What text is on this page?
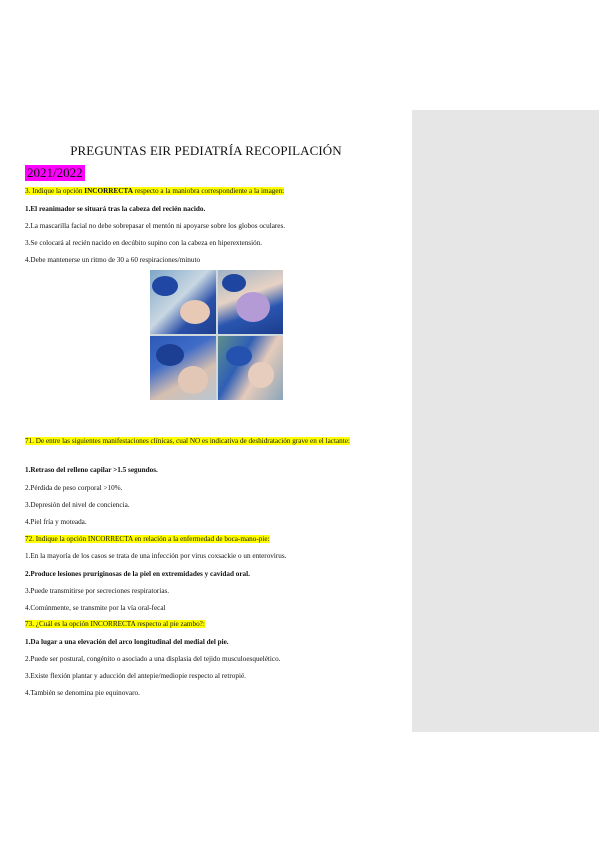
PREGUNTAS EIR PEDIATRÍA RECOPILACIÓN
2021/2022
3. Indique la opción INCORRECTA respecto a la maniobra correspondiente a la imagen:
1.El reanimador se situará tras la cabeza del recién nacido.
2.La mascarilla facial no debe sobrepasar el mentón ni apoyarse sobre los globos oculares.
3.Se colocará al recién nacido en decúbito supino con la cabeza en hiperextensión.
4.Debe mantenerse un ritmo de 30 a 60 respiraciones/minuto
71. De entre las siguientes manifestaciones clínicas, cual NO es indicativa de deshidratación grave en el lactante:
1.Retraso del relleno capilar >1.5 segundos.
2.Pérdida de peso corporal >10%.
3.Depresión del nivel de conciencia.
4.Piel fría y moteada.
72. Indique la opción INCORRECTA en relación a la enfermedad de boca-mano-pie:
1.En la mayoría de los casos se trata de una infección por virus coxsackie o un enterovirus.
2.Produce lesiones pruriginosas de la piel en extremidades y cavidad oral.
3.Puede transmitirse por secreciones respiratorias.
4.Comúnmente, se transmite por la vía oral-fecal
73. ¿Cuál es la opción INCORRECTA respecto al pie zambo?:
1.Da lugar a una elevación del arco longitudinal del medial del pie.
2.Puede ser postural, congénito o asociado a una displasia del tejido musculoesquelético.
3.Existe flexión plantar y aducción del antepie/mediopie respecto al retropié.
4.También se denomina pie equinovaro.
